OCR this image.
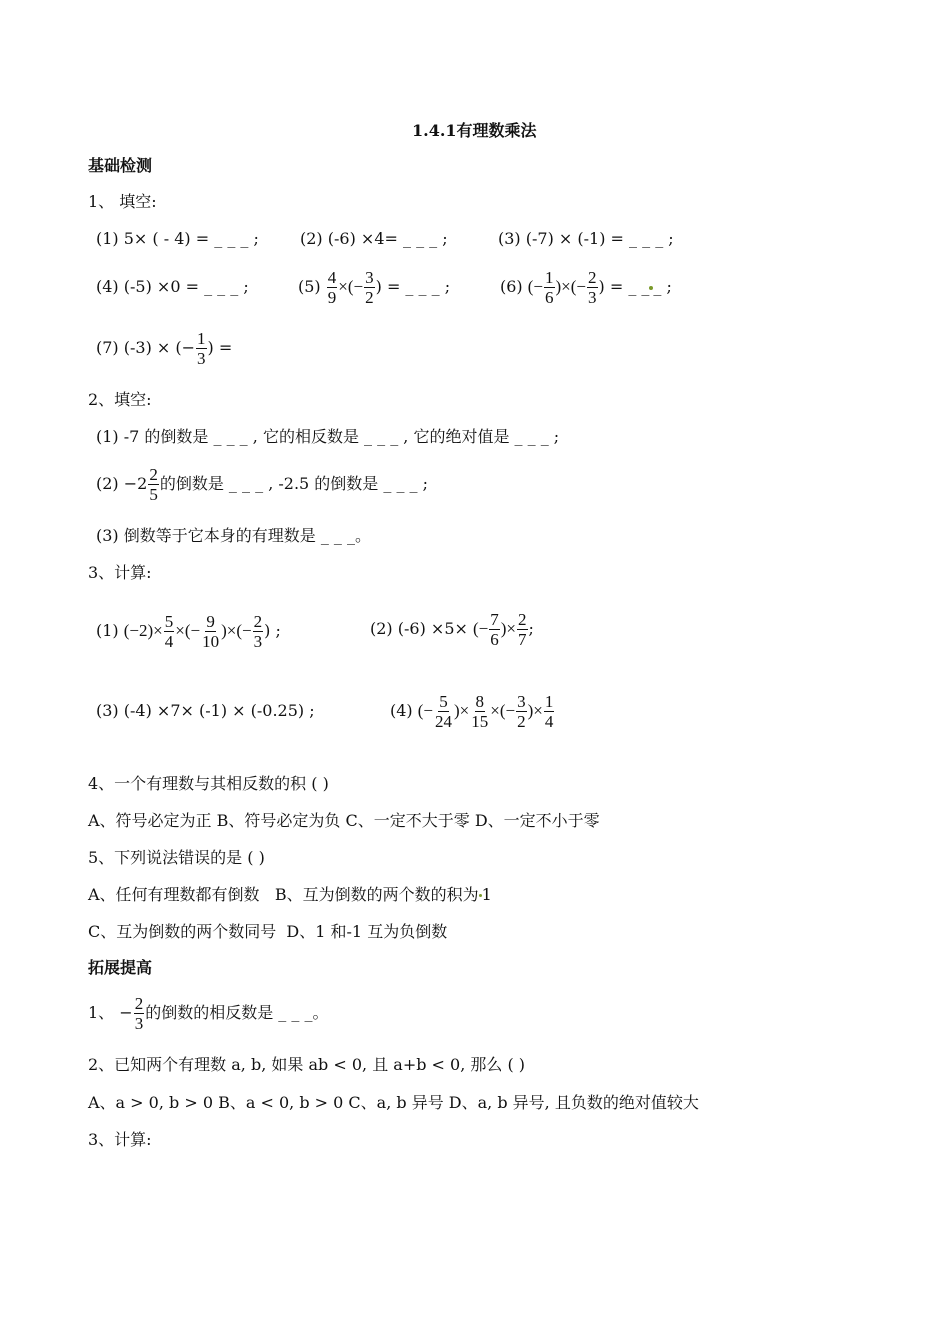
1.4.1有理数乘法
基础检测
1、 填空:
(1) 5× ( - 4) = _ _ _ ;	(2) (-6) ×4= _ _ _ ;	(3) (-7) × (-1) = _ _ _ ;
(4) (-5) ×0 = _ _ _ ;	$(5) \frac{4}{9}$ ×(− $\frac{3}{2}$ ) = _ _ _ ;	(6) (− $\frac{1}{6}$ )×(− $\frac{2}{3}$ ) = _ _ _ ;
(7) (-3) × (− $\frac{1}{3}$ ) =
2、填空:
(1) -7 的倒数是 _ _ _ , 它的相反数是 _ _ _ , 它的绝对值是 _ _ _ ;
$(2) -2 \frac{2}{5}$ 的倒数是 _ _ _ , -2.5 的倒数是 _ _ _ ;
(3) 倒数等于它本身的有理数是 _ _ _。
3、计算:
(1) $(-2)\times \frac{5}{4}$ ×(− $\frac{9}{10}$ )×(− $\frac{2}{3}$ ) ;	(2) (-6) ×5× (− $\frac{7}{6}$ )× $\frac{2}{7}$ ;
(3) (-4) ×7× (-1) × (-0.25) ;	(4) (− $\frac{5}{24}$ )× $\frac{8}{15}$ ×(− $\frac{3}{2}$ )× $\frac{1}{4}$
4、一个有理数与其相反数的积 ( )
A、符号必定为正 B、符号必定为负 C、一定不大于零 D、一定不小于零
5、下列说法错误的是 ( )
A、任何有理数都有倒数 B、互为倒数的两个数的积为 1
C、互为倒数的两个数同号 D、1 和-1 互为负倒数
拓展提高
1、 − $\frac{2}{3}$ 的倒数的相反数是 _ _ _。
2、已知两个有理数 a, b, 如果 ab < 0, 且 a+b < 0, 那么 ( )
A、a > 0, b > 0 B、a < 0, b > 0 C、a, b 异号 D、a, b 异号, 且负数的绝对值较大
3、计算:
